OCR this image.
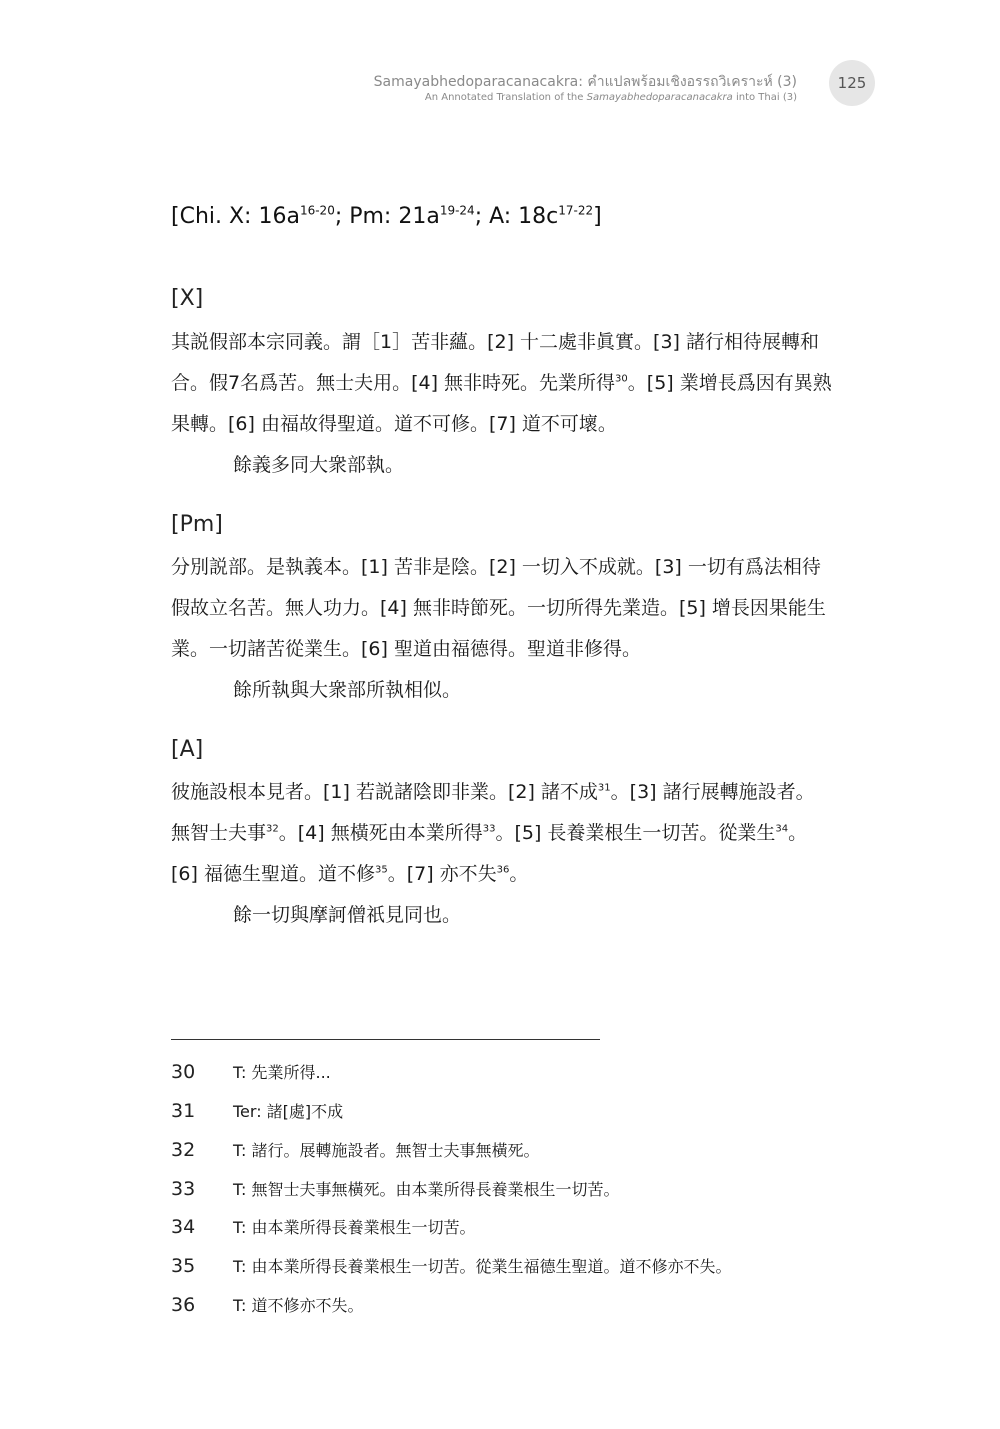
Samayabhedoparacanacakra: คำแปลพร้อมเชิงอรรถวิเคราะห์ (3)
An Annotated Translation of the Samayabhedoparacanacakra into Thai (3)
125
[Chi. X: $16a^{16-20}$; Pm: $21a^{19-24}$; A: $18c^{17-22}$]
[X]
其説假部本宗同義。謂［1］苦非蘊。[2] 十二處非眞實。[3] 諸行相待展轉和
合。假7名爲苦。無士夫用。[4] 無非時死。先業所得$^{30}$。[5] 業增長爲因有異熟
果轉。[6] 由福故得聖道。道不可修。[7] 道不可壞。
餘義多同大衆部執。
[Pm]
分別説部。是執義本。[1] 苦非是陰。[2] 一切入不成就。[3] 一切有爲法相待
假故立名苦。無人功力。[4] 無非時節死。一切所得先業造。[5] 增長因果能生
業。一切諸苦從業生。[6] 聖道由福德得。聖道非修得。
餘所執與大衆部所執相似。
[A]
彼施設根本見者。[1] 若説諸陰即非業。[2] 諸不成$^{31}$。[3] 諸行展轉施設者。
無智士夫事$^{32}$。[4] 無橫死由本業所得$^{33}$。[5] 長養業根生一切苦。從業生$^{34}$。
[6] 福德生聖道。道不修$^{35}$。[7] 亦不失$^{36}$。
餘一切與摩訶僧祇見同也。
30 T: 先業所得...
31 Ter: 諸[處]不成
32 T: 諸行。展轉施設者。無智士夫事無橫死。
33 T: 無智士夫事無橫死。由本業所得長養業根生一切苦。
34 T: 由本業所得長養業根生一切苦。
35 T: 由本業所得長養業根生一切苦。從業生福德生聖道。道不修亦不失。
36 T: 道不修亦不失。
